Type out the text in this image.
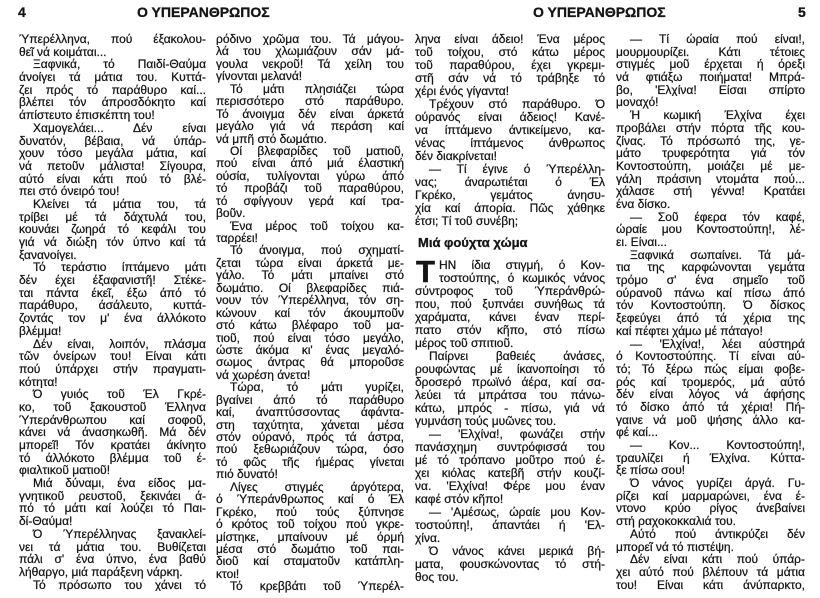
4	Ο ΥΠΕΡΑΝΘΡΩΠΟΣ
Ύπερέλληνα, πού έξακολου-
θεῖ νά κοιμάται...
Ξαφνικά, τό Παιδί-Θαύμα
άνοίγει τά μάτια του. Κυττά-
ζει πρός τό παράθυρο καί...
βλέπει τόν άπροσδόκητο καί
άπίστευτο έπισκέπτη του!
Χαμογελάει... Δέν είναι
δυνατόν, βέβαια, νά ύπάρ-
χουν τόσο μεγάλα μάτια, καί
νά πετοῦν μάλιστα! Σίγουρα,
αύτό είναι κάτι πού τό βλέ-
πει στό όνειρό του!
Κλείνει τά μάτια του, τά
τρίβει μέ τά δάχτυλά του,
κουνάει ζωηρά τό κεφάλι του
γιά νά διώξη τόν ύπνο καί τά
ξανανοίγει.
Τό τεράστιο ίπτάμενο μάτι
δέν έχει έξαφανιστῆ! Στέκε-
ται πάντα έκεῖ, έξω άπό τό
παράθυρο, άσάλευτο, κυττά-
ζοντάς τον μ' ένα άλλόκοτο
βλέμμα!
Δέν είναι, λοιπόν, πλάσμα
τῶν όνείρων του! Είναι κάτι
πού ύπάρχει στήν πραγματι-
κότητα!
Ό γυιός τοῦ Έλ Γκρέ-
κο, τοῦ ξακουστοῦ Έλληνα
Ύπεράνθρωπου καί σοφοῦ,
κάνει νά άνασηκωθῆ. Μά δέν
μπορεῖ! Τόν κρατάει άκίνητο
τό άλλόκοτο βλέμμα τοῦ έ-
φιαλτικοῦ ματιοῦ!
Μιά δύναμι, ένα είδος μα-
γνητικοῦ ρευστοῦ, ξεκινάει ά-
πό τό μάτι καί λούζει τό Παι-
δί-Θαύμα!
Ό Ύπερέλληνας ξανακλεί-
νει τά μάτια του. Βυθίζεται
πάλι σ' ένα ύπνο, ένα βαθύ
λήθαργο, μιά παράξενη νάρκη.
Τό πρόσωπο του χάνει τό
ρόδινο χρῶμα του. Τά μάγου-
λά του χλωμιάζουν σάν μά-
γουλα νεκροῦ! Τά χείλη του
γίνονται μελανά!
Τό μάτι πλησιάζει τώρα
περισσότερο στό παράθυρο.
Τό άνοιγμα δέν είναι άρκετά
μεγάλο γιά νά περάση καί
νά μπῆ στό δωμάτιο.
Οί βλεφαρίδες τοῦ ματιοῦ,
πού είναι άπό μιά έλαστική
ούσία, τυλίγονται γύρω άπό
τό προβάζι τοῦ παραθύρου,
τό σφίγγουν γερά καί τρα-
βοῦν.
Ένα μέρος τοῦ τοίχου κα-
ταρρέει!
Τό άνοιγμα, πού σχηματί-
ζεται τώρα είναι άρκετά με-
γάλο. Τό μάτι μπαίνει στό
δωμάτιο. Οί βλεφαρίδες πιά-
νουν τόν Ύπερέλληνα, τόν ση-
κώνουν καί τόν άκουμποῦν
στό κάτω βλέφαρο τοῦ μα-
τιοῦ, πού είναι τόσο μεγάλο,
ώστε άκόμα κι' ένας μεγαλό-
σωμος άντρας θά μποροῦσε
νά χωρέση άνετα!
Τώρα, τό μάτι γυρίζει,
βγαίνει άπό τό παράθυρο
καί, άναπτύσσοντας άφάντα-
στη ταχύτητα, χάνεται μέσα
στόν ούρανό, πρός τά άστρα,
πού ξεθωριάζουν τώρα, όσο
τό φῶς τῆς ήμέρας γίνεται
πιό δυνατό!
Λίγες στιγμές άργότερα,
ό Ύπεράνθρωπος καί ό Έλ
Γκρέκο, πού τούς ξύπνησε
ό κρότος τοῦ τοίχου πού γκρε-
μίστηκε, μπαίνουν μέ όρμή
μέσα στό δωμάτιο τοῦ παι-
διοῦ καί σταματοῦν κατάπλη-
κτοι!
Τό κρεββάτι τοῦ Ύπερέλ-
Ο ΥΠΕΡΑΝΘΡΩΠΟΣ	5
ληνα είναι άδειο! Ένα μέρος
τοῦ τοίχου, στό κάτω μέρος
τοῦ παραθύρου, έχει γκρεμι-
στῆ σάν νά τό τράβηξε τό
χέρι ένός γίγαντα!
Τρέχουν στό παράθυρο. Ό
ούρανός είναι άδειος! Κανέ-
να ίπτάμενο άντικείμενο, κα-
νένας ίπτάμενος άνθρωπος
δέν διακρίνεται!
— Τί έγινε ό Ύπερέλλη-
νας; άναρωτιέται ό Έλ
Γκρέκο, γεμάτος άνησυ-
χία καί άπορία. Πῶς χάθηκε
έτσι; Τί τοῦ συνέβη;
Μιά φούχτα χώμα
Τ ΗΝ ίδια στιγμή, ό Κον-
τοστούπης, ό κωμικός νάνος
σύντροφος τοῦ Ύπεράνθρώ-
που, πού ξυπνάει συνήθως τά
χαράματα, κάνει έναν περί-
πατο στόν κῆπο, στό πίσω
μέρος τοῦ σπιτιοῦ.
Παίρνει βαθειές άνάσες,
ρουφώντας μέ ίκανοποίησι τό
δροσερό πρωϊνό άέρα, καί σα-
λεύει τά μπράτσα του πάνω-
κάτω, μπρός - πίσω, γιά νά
γυμνάση τούς μυῶνες του.
— 'Ελχίνα!, φωνάζει στήν
πανάσχημη συντρόφισσά του
μέ τό τρόπανο μοῦτρο πού έ-
χει κιόλας κατεβῆ στήν κουζί-
να. 'Ελχίνα! Φέρε μου έναν
καφέ στόν κῆπο!
— 'Αμέσως, ώραίε μου Κον-
τοστούπη!, άπαντάει ή 'Ελ-
χίνα.
Ό νάνος κάνει μερικά βή-
ματα, φουσκώνοντας τό στή-
θος του.
— Τί ώραία πού είναι!,
μουρμουρίζει. Κάτι τέτοιες
στιγμές μοῦ έρχεται ή όρεξι
νά φτιάξω ποιήματα! Μπρά-
βο, 'Ελχίνα! Είσαι σπίρτο
μοναχό!
Ή κωμική Έλχίνα έχει
προβάλει στήν πόρτα τῆς κου-
ζίνας. Τό πρόσωπό της, γε-
μάτο τρυφερότητα γιά τόν
Κοντοστούπη, μοιάζει μέ με-
γάλη πράσινη ντομάτα πού...
χάλασε στή γέννα! Κρατάει
ένα δίσκο.
— Σοῦ έφερα τόν καφέ,
ώραίε μου Κοντοστούπη!, λέ-
ει. Είναι...
Ξαφνικά σωπαίνει. Τά μά-
τια της καρφώνονται γεμάτα
τρόμο σ' ένα σημεῖο τοῦ
ούρανοῦ πάνω καί πίσω άπό
τόν Κοντοστούπη. Ό δίσκος
ξεφεύγει άπό τά χέρια της
καί πέφτει χάμω μέ πάταγο!
— 'Ελχίνα!, λέει αύστηρά
ό Κοντοστούπης. Τί είναι αύ-
τό; Τό ξέρω πώς είμαι φοβε-
ρός καί τρομερός, μά αύτό
δέν είναι λόγος νά άφήσης
τό δίσκο άπό τά χέρια! Πή-
γαινε νά μοῦ ψήσης άλλο κα-
φέ καί...
— Κον... Κοντοστούπη!,
τραυλίζει ή Έλχίνα. Κύττα-
ξε πίσω σου!
Ό νάνος γυρίζει άργά. Γυ-
ρίζει καί μαρμαρώνει, ένα έ-
ντονο κρύο ρίγος άνεβαίνει
στή ραχοκοκκαλιά του.
Αύτό πού άντικρύζει δέν
μπορεῖ νά τό πιστέψη.
Δέν είναι κάτι πού ύπάρ-
χει αύτό πού βλέπουν τά μάτια
του! Είναι κάτι άνύπαρκτο,
